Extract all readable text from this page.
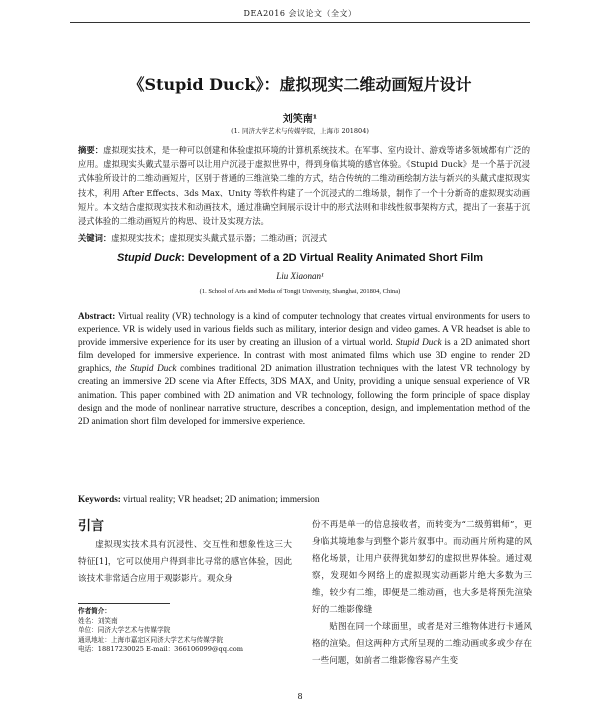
DEA2016 会议论文（全文）
《Stupid Duck》：虚拟现实二维动画短片设计
刘笑南¹
(1. 同济大学艺术与传媒学院，上海市 201804)
摘要：虚拟现实技术，是一种可以创建和体验虚拟环境的计算机系统技术。在军事、室内设计、游戏等诸多领域都有广泛的应用。虚拟现实头戴式显示器可以让用户沉浸于虚拟世界中，得到身临其境的感官体验。《Stupid Duck》是一个基于沉浸式体验所设计的二维动画短片，区别于普通的三维渲染二维的方式，结合传统的二维动画绘制方法与新兴的头戴式虚拟现实技术，利用 After Effects、3ds Max、Unity 等软件构建了一个沉浸式的二维场景，制作了一个十分新奇的虚拟现实动画短片。本文结合虚拟现实技术和动画技术，通过准确空间展示设计中的形式法则和非线性叙事架构方式，提出了一套基于沉浸式体验的二维动画短片的构思、设计及实现方法。
关键词：虚拟现实技术；虚拟现实头戴式显示器；二维动画；沉浸式
Stupid Duck: Development of a 2D Virtual Reality Animated Short Film
Liu Xiaonan¹
(1. School of Arts and Media of Tongji University, Shanghai, 201804, China)
Abstract: Virtual reality (VR) technology is a kind of computer technology that creates virtual environments for users to experience. VR is widely used in various fields such as military, interior design and video games. A VR headset is able to provide immersive experience for its user by creating an illusion of a virtual world. Stupid Duck is a 2D animated short film developed for immersive experience. In contrast with most animated films which use 3D engine to render 2D graphics, the Stupid Duck combines traditional 2D animation illustration techniques with the latest VR technology by creating an immersive 2D scene via After Effects, 3DS MAX, and Unity, providing a unique sensual experience of VR animation. This paper combined with 2D animation and VR technology, following the form principle of space display design and the mode of nonlinear narrative structure, describes a conception, design, and implementation method of the 2D animation short film developed for immersive experience.
Keywords: virtual reality; VR headset; 2D animation; immersion
引言

虚拟现实技术具有沉浸性、交互性和想象性这三大特征[1]，它可以使用户得到非比寻常的感官体验，因此该技术非常适合应用于观影影片。观众身

份不再是单一的信息接收者，而转变为“二级剪辑师”，更身临其境地参与到整个影片叙事中。而动画片所构建的风格化场景，让用户获得犹如梦幻的虚拟世界体验。通过观察，发现如今网络上的虚拟现实动画影片绝大多数为三维，较少有二维，即便是二维动画，也大多是将预先渲染好的二维影像缝

贴图在同一个球面里，或者是对三维物体进行卡通风格的渲染。但这两种方式所呈现的二维动画或多或少存在一些问题，如前者二维影像容易产生变

作者简介：
姓名：刘笑南
单位：同济大学艺术与传媒学院
通讯地址：上海市嘉定区同济大学艺术与传媒学院
电话：18817230025 E-mail：366106099@qq.com
8
